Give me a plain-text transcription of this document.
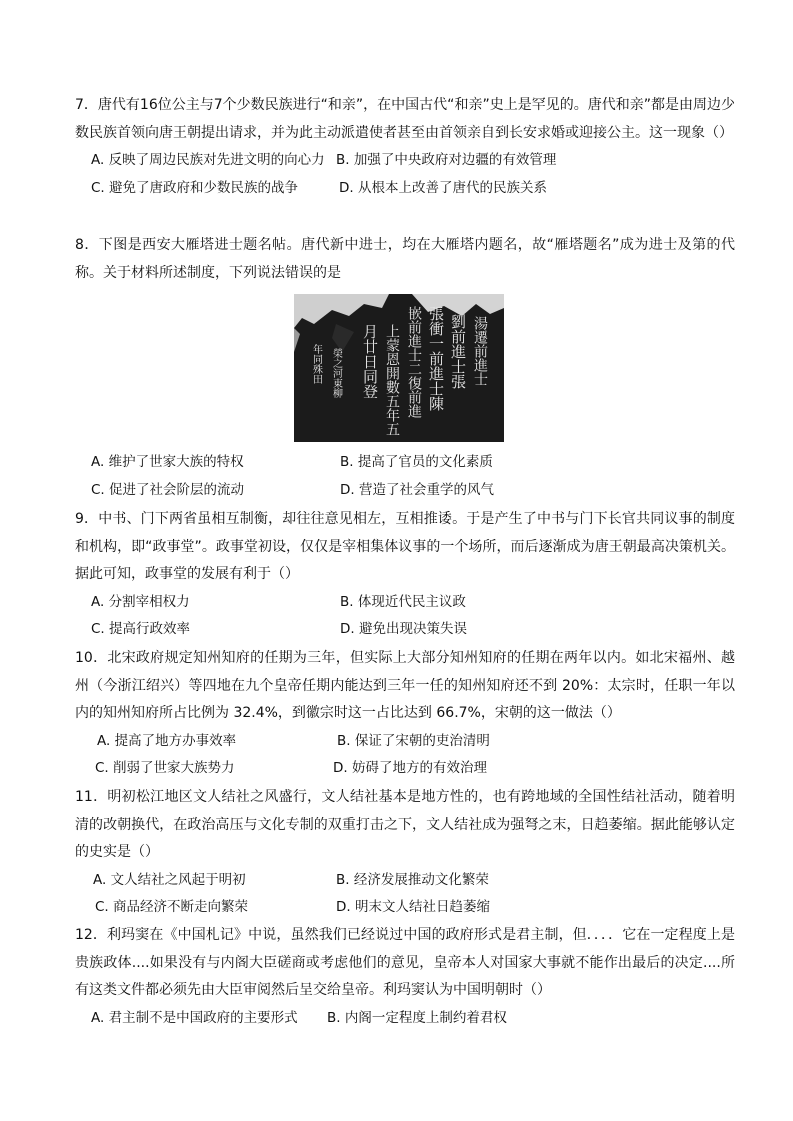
7．唐代有16位公主与7个少数民族进行“和亲”，在中国古代“和亲”史上是罕见的。唐代和亲”都是由周边少数民族首领向唐王朝提出请求，并为此主动派遣使者甚至由首领亲自到长安求婚或迎接公主。这一现象（）

A. 反映了周边民族对先进文明的向心力 B. 加强了中央政府对边疆的有效管理
C. 避免了唐政府和少数民族的战争	D. 从根本上改善了唐代的民族关系

8．下图是西安大雁塔进士题名帖。唐代新中进士，均在大雁塔内题名，故“雁塔题名”成为进士及第的代称。关于材料所述制度，下列说法错误的是

湯遷前進士
劉前進士張
張衝一前進士陳
嵌前進士二復前進
上蒙恩開數五年五
月廿日同登
榮之河東柳
年同殊田
A. 维护了世家大族的特权	B. 提高了官员的文化素质
C. 促进了社会阶层的流动	D. 营造了社会重学的风气

9．中书、门下两省虽相互制衡，却往往意见相左，互相推诿。于是产生了中书与门下长官共同议事的制度和机构，即“政事堂”。政事堂初设，仅仅是宰相集体议事的一个场所，而后逐渐成为唐王朝最高决策机关。据此可知，政事堂的发展有利于（）

A. 分割宰相权力	B. 体现近代民主议政
C. 提高行政效率	D. 避免出现决策失误

10．北宋政府规定知州知府的任期为三年，但实际上大部分知州知府的任期在两年以内。如北宋福州、越州（今浙江绍兴）等四地在九个皇帝任期内能达到三年一任的知州知府还不到 20%：太宗时，任职一年以内的知州知府所占比例为 32.4%，到徽宗时这一占比达到 66.7%，宋朝的这一做法（）

A. 提高了地方办事效率	B. 保证了宋朝的吏治清明
C. 削弱了世家大族势力	D. 妨碍了地方的有效治理

11．明初松江地区文人结社之风盛行，文人结社基本是地方性的，也有跨地域的全国性结社活动，随着明清的改朝换代，在政治高压与文化专制的双重打击之下，文人结社成为强弩之末，日趋萎缩。据此能够认定的史实是（）

A. 文人结社之风起于明初	B. 经济发展推动文化繁荣
C. 商品经济不断走向繁荣	D. 明末文人结社日趋萎缩

12．利玛窦在《中国札记》中说，虽然我们已经说过中国的政府形式是君主制，但．．．．它在一定程度上是贵族政体....如果没有与内阁大臣磋商或考虑他们的意见，皇帝本人对国家大事就不能作出最后的决定....所有这类文件都必须先由大臣审阅然后呈交给皇帝。利玛窦认为中国明朝时（）

A. 君主制不是中国政府的主要形式 B. 内阁一定程度上制约着君权
